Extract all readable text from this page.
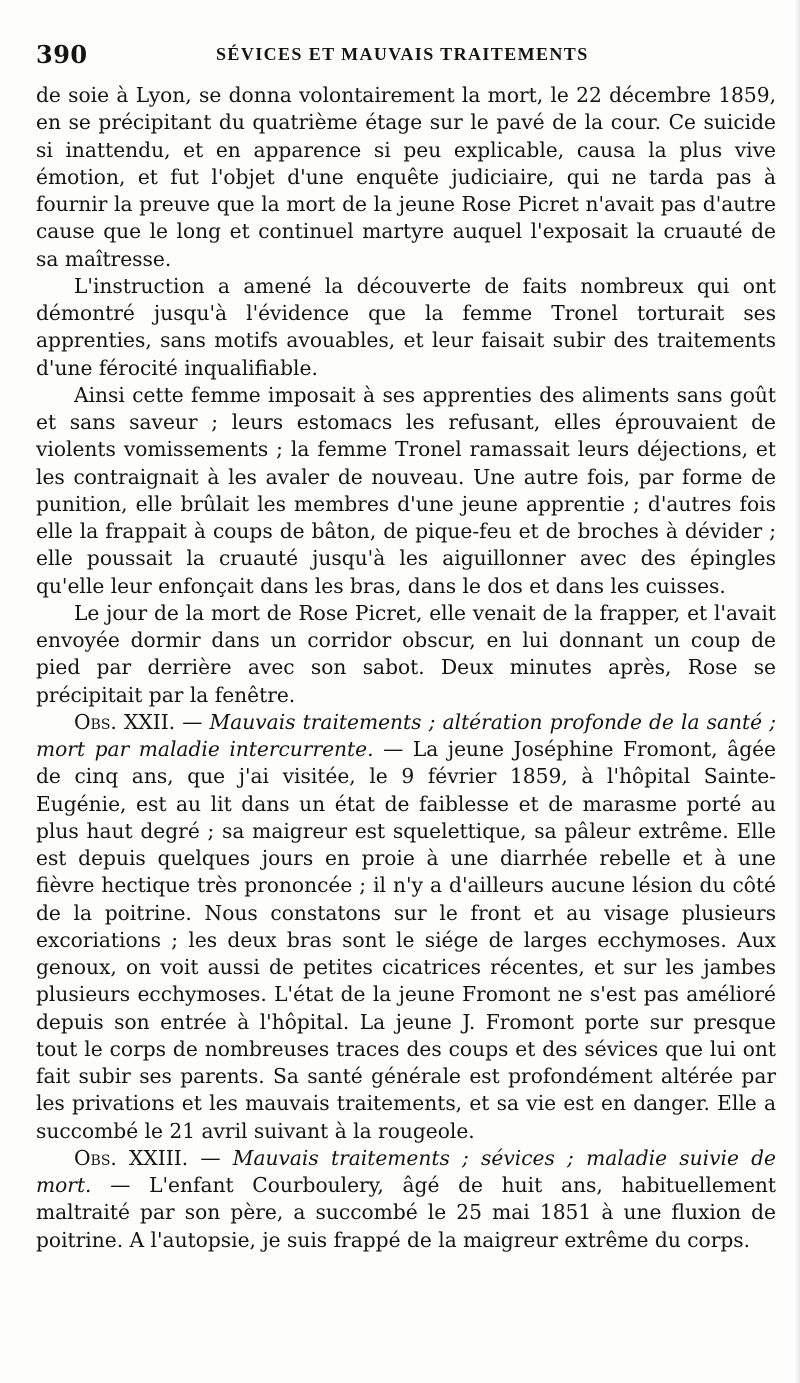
390	SÉVICES ET MAUVAIS TRAITEMENTS

de soie à Lyon, se donna volontairement la mort, le 22 décembre 1859, en se précipitant du quatrième étage sur le pavé de la cour. Ce suicide si inattendu, et en apparence si peu explicable, causa la plus vive émotion, et fut l'objet d'une enquête judiciaire, qui ne tarda pas à fournir la preuve que la mort de la jeune Rose Picret n'avait pas d'autre cause que le long et continuel martyre auquel l'exposait la cruauté de sa maîtresse.

L'instruction a amené la découverte de faits nombreux qui ont démontré jusqu'à l'évidence que la femme Tronel torturait ses apprenties, sans motifs avouables, et leur faisait subir des traitements d'une férocité inqualifiable.

Ainsi cette femme imposait à ses apprenties des aliments sans goût et sans saveur ; leurs estomacs les refusant, elles éprouvaient de violents vomissements ; la femme Tronel ramassait leurs déjections, et les contraignait à les avaler de nouveau. Une autre fois, par forme de punition, elle brûlait les membres d'une jeune apprentie ; d'autres fois elle la frappait à coups de bâton, de pique-feu et de broches à dévider ; elle poussait la cruauté jusqu'à les aiguillonner avec des épingles qu'elle leur enfonçait dans les bras, dans le dos et dans les cuisses.

Le jour de la mort de Rose Picret, elle venait de la frapper, et l'avait envoyée dormir dans un corridor obscur, en lui donnant un coup de pied par derrière avec son sabot. Deux minutes après, Rose se précipitait par la fenêtre.

Obs. XXII. — Mauvais traitements ; altération profonde de la santé ; mort par maladie intercurrente. — La jeune Joséphine Fromont, âgée de cinq ans, que j'ai visitée, le 9 février 1859, à l'hôpital Sainte-Eugénie, est au lit dans un état de faiblesse et de marasme porté au plus haut degré ; sa maigreur est squelettique, sa pâleur extrême. Elle est depuis quelques jours en proie à une diarrhée rebelle et à une fièvre hectique très prononcée ; il n'y a d'ailleurs aucune lésion du côté de la poitrine. Nous constatons sur le front et au visage plusieurs excoriations ; les deux bras sont le siége de larges ecchymoses. Aux genoux, on voit aussi de petites cicatrices récentes, et sur les jambes plusieurs ecchymoses. L'état de la jeune Fromont ne s'est pas amélioré depuis son entrée à l'hôpital. La jeune J. Fromont porte sur presque tout le corps de nombreuses traces des coups et des sévices que lui ont fait subir ses parents. Sa santé générale est profondément altérée par les privations et les mauvais traitements, et sa vie est en danger. Elle a succombé le 21 avril suivant à la rougeole.

Obs. XXIII. — Mauvais traitements ; sévices ; maladie suivie de mort. — L'enfant Courboulery, âgé de huit ans, habituellement maltraité par son père, a succombé le 25 mai 1851 à une fluxion de poitrine. A l'autopsie, je suis frappé de la maigreur extrême du corps.
